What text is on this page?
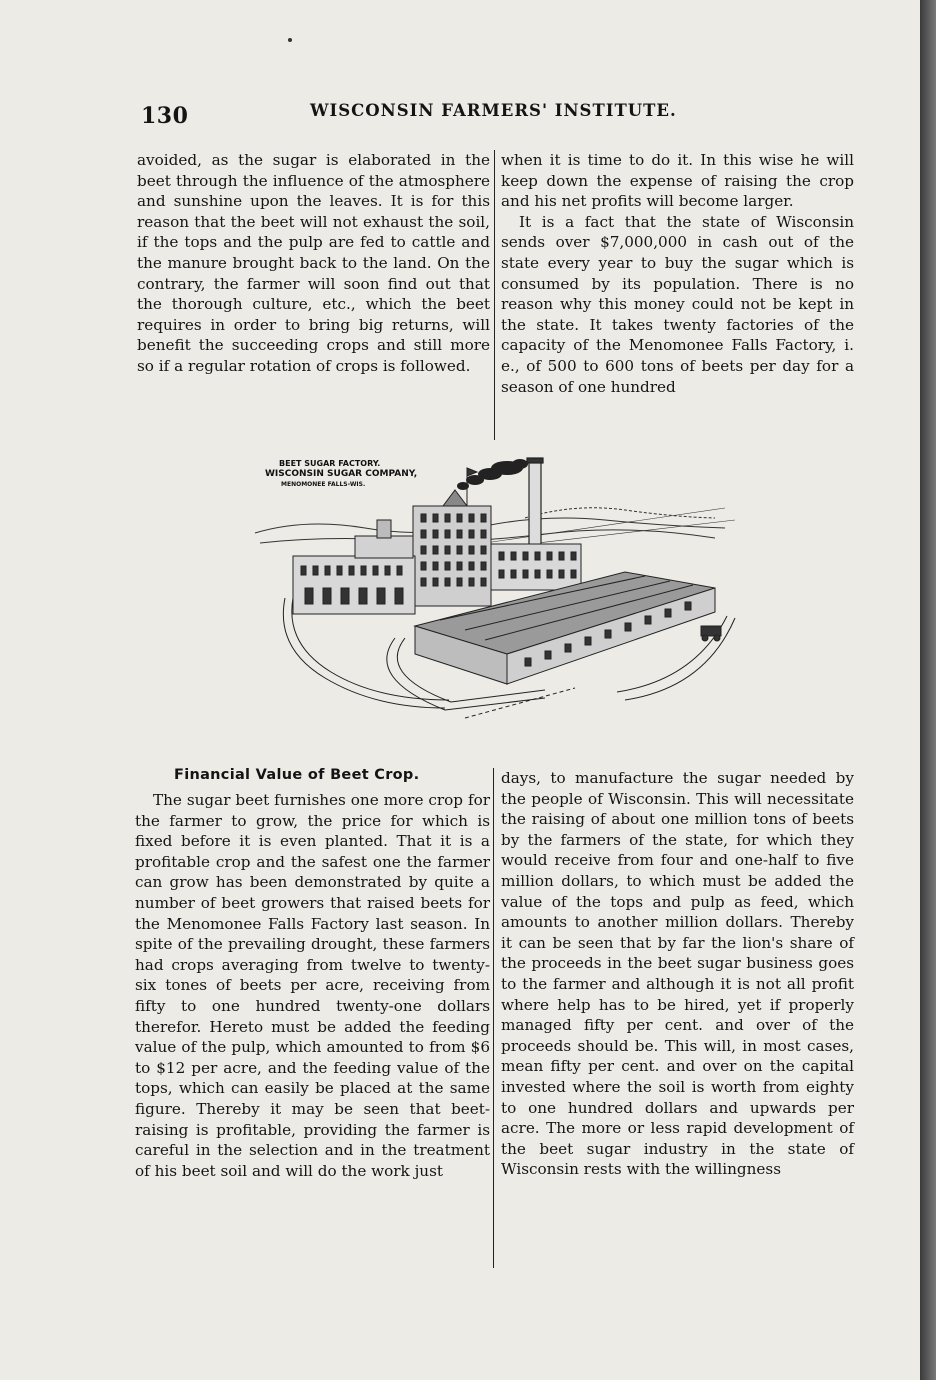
130	WISCONSIN FARMERS' INSTITUTE.

avoided, as the sugar is elaborated in the beet through the influence of the atmosphere and sunshine upon the leaves. It is for this reason that the beet will not exhaust the soil, if the tops and the pulp are fed to cattle and the manure brought back to the land. On the contrary, the farmer will soon find out that the thorough culture, etc., which the beet requires in order to bring big returns, will benefit the succeeding crops and still more so if a regular rotation of crops is followed.

when it is time to do it. In this wise he will keep down the expense of raising the crop and his net profits will become larger.

It is a fact that the state of Wisconsin sends over $7,000,000 in cash out of the state every year to buy the sugar which is consumed by its population. There is no reason why this money could not be kept in the state. It takes twenty factories of the capacity of the Menomonee Falls Factory, i. e., of 500 to 600 tons of beets per day for a season of one hundred

BEET SUGAR FACTORY.
WISCONSIN SUGAR COMPANY,
MENOMONEE FALLS-WIS.
Financial Value of Beet Crop.

The sugar beet furnishes one more crop for the farmer to grow, the price for which is fixed before it is even planted. That it is a profitable crop and the safest one the farmer can grow has been demonstrated by quite a number of beet growers that raised beets for the Menomonee Falls Factory last season. In spite of the prevailing drought, these farmers had crops averaging from twelve to twenty-six tones of beets per acre, receiving from fifty to one hundred twenty-one dollars therefor. Hereto must be added the feeding value of the pulp, which amounted to from $6 to $12 per acre, and the feeding value of the tops, which can easily be placed at the same figure. Thereby it may be seen that beet-raising is profitable, providing the farmer is careful in the selection and in the treatment of his beet soil and will do the work just

days, to manufacture the sugar needed by the people of Wisconsin. This will necessitate the raising of about one million tons of beets by the farmers of the state, for which they would receive from four and one-half to five million dollars, to which must be added the value of the tops and pulp as feed, which amounts to another million dollars. Thereby it can be seen that by far the lion's share of the proceeds in the beet sugar business goes to the farmer and although it is not all profit where help has to be hired, yet if properly managed fifty per cent. and over of the proceeds should be. This will, in most cases, mean fifty per cent. and over on the capital invested where the soil is worth from eighty to one hundred dollars and upwards per acre. The more or less rapid development of the beet sugar industry in the state of Wisconsin rests with the willingness
